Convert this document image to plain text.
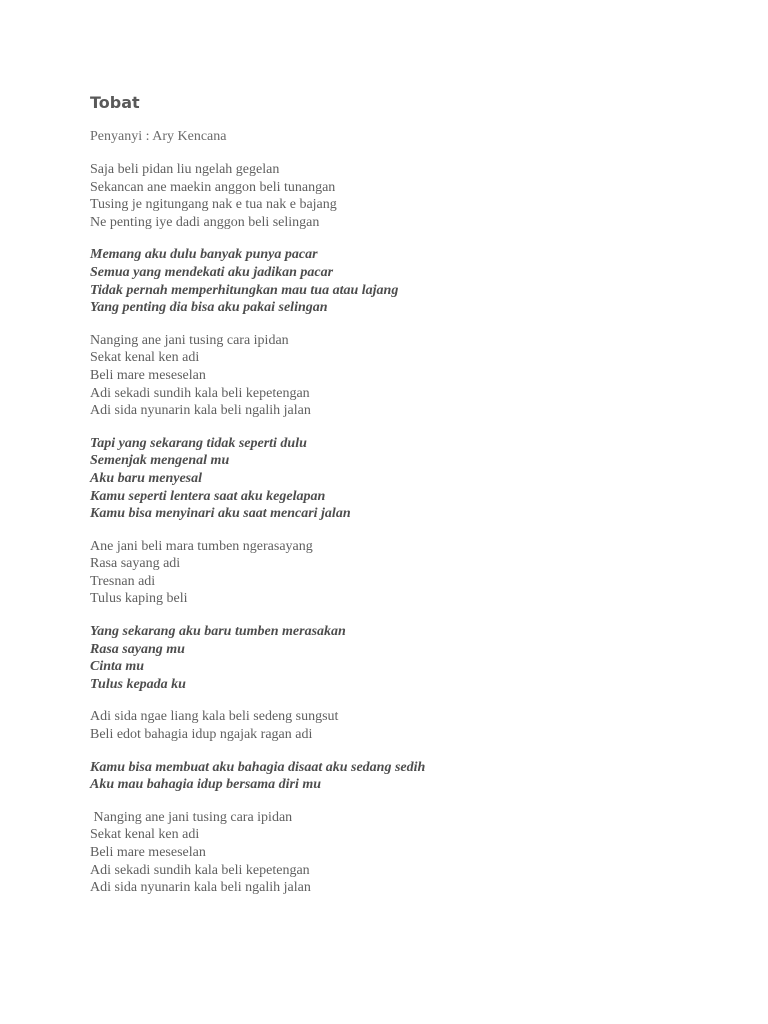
Tobat
Penyanyi : Ary Kencana
Saja beli pidan liu ngelah gegelan
Sekancan ane maekin anggon beli tunangan
Tusing je ngitungang nak e tua nak e bajang
Ne penting iye dadi anggon beli selingan
Memang aku dulu banyak punya pacar
Semua yang mendekati aku jadikan pacar
Tidak pernah memperhitungkan mau tua atau lajang
Yang penting dia bisa aku pakai selingan
Nanging ane jani tusing cara ipidan
Sekat kenal ken adi
Beli mare meseselan
Adi sekadi sundih kala beli kepetengan
Adi sida nyunarin kala beli ngalih jalan
Tapi yang sekarang tidak seperti dulu
Semenjak mengenal mu
Aku baru menyesal
Kamu seperti lentera saat aku kegelapan
Kamu bisa menyinari aku saat mencari jalan
Ane jani beli mara tumben ngerasayang
Rasa sayang adi
Tresnan adi
Tulus kaping beli
Yang sekarang aku baru tumben merasakan
Rasa sayang mu
Cinta mu
Tulus kepada ku
Adi sida ngae liang kala beli sedeng sungsut
Beli edot bahagia idup ngajak ragan adi
Kamu bisa membuat aku bahagia disaat aku sedang sedih
Aku mau bahagia idup bersama diri mu
Nanging ane jani tusing cara ipidan
Sekat kenal ken adi
Beli mare meseselan
Adi sekadi sundih kala beli kepetengan
Adi sida nyunarin kala beli ngalih jalan
